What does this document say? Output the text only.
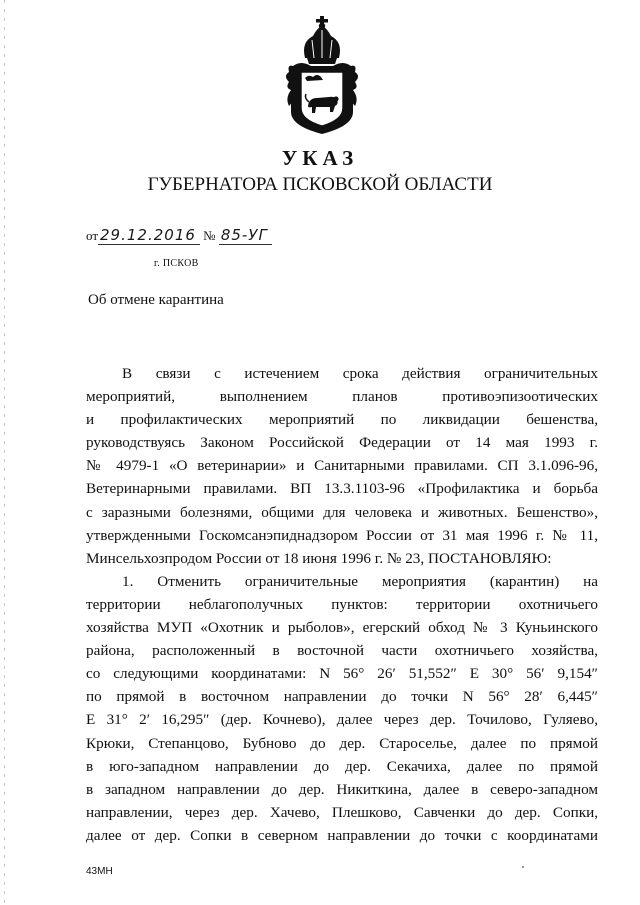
УКАЗ
ГУБЕРНАТОРА ПСКОВСКОЙ ОБЛАСТИ
от 29.12.2016 № 85-УГ
г. ПСКОВ
Об отмене карантина
В связи с истечением срока действия ограничительных
мероприятий, выполнением планов противоэпизоотических
и профилактических мероприятий по ликвидации бешенства,
руководствуясь Законом Российской Федерации от 14 мая 1993 г.
№ 4979-1 «О ветеринарии» и Санитарными правилами. СП 3.1.096-96,
Ветеринарными правилами. ВП 13.3.1103-96 «Профилактика и борьба
с заразными болезнями, общими для человека и животных. Бешенство»,
утвержденными Госкомсанэпиднадзором России от 31 мая 1996 г. № 11,
Минсельхозпродом России от 18 июня 1996 г. № 23, ПОСТАНОВЛЯЮ:
1. Отменить ограничительные мероприятия (карантин) на
территории неблагополучных пунктов: территории охотничьего
хозяйства МУП «Охотник и рыболов», егерский обход № 3 Куньинского
района, расположенный в восточной части охотничьего хозяйства,
со следующими координатами: N 56° 26′ 51,552″ E 30° 56′ 9,154″
по прямой в восточном направлении до точки N 56° 28′ 6,445″
E 31° 2′ 16,295″ (дер. Кочнево), далее через дер. Точилово, Гуляево,
Крюки, Степанцово, Бубново до дер. Староселье, далее по прямой
в юго-западном направлении до дер. Секачиха, далее по прямой
в западном направлении до дер. Никиткина, далее в северо-западном
направлении, через дер. Хачево, Плешково, Савченки до дер. Сопки,
далее от дер. Сопки в северном направлении до точки с координатами
43МН
